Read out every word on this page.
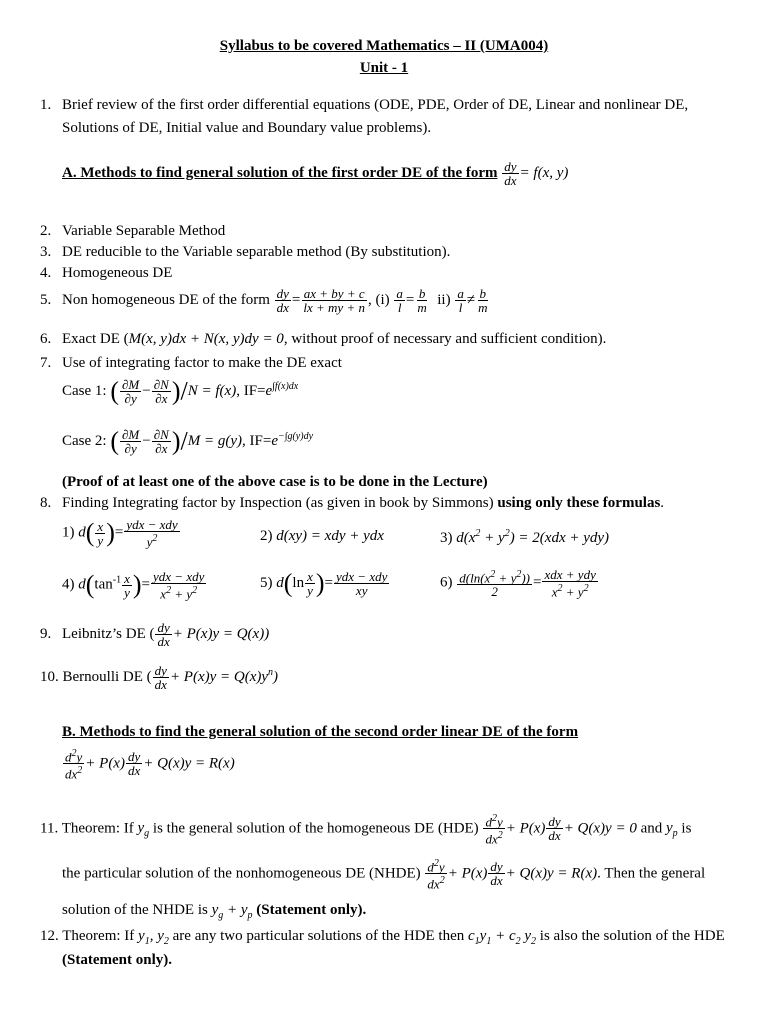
Syllabus to be covered Mathematics – II (UMA004)
Unit - 1
1. Brief review of the first order differential equations (ODE, PDE, Order of DE, Linear and nonlinear DE,
Solutions of DE, Initial value and Boundary value problems).
A. Methods to find general solution of the first order DE of the form $\frac{dy}{dx} = f(x$, y)
2. Variable Separable Method
3. DE reducible to the Variable separable method (By substitution).
4. Homogeneous DE
5. Non homogeneous DE of the form $\frac{dy}{dx} = \frac{ax + by + c}{lx + my + n}$ , $(i) \frac{a}{l} = \frac{b}{m} ii) \frac{a}{l} \ne \frac{b}{m}$
6. Exact DE (M(x, y)dx + N(x, y)dy = 0, without proof of necessary and sufficient condition).
7. Use of integrating factor to make the DE exact
Case 1: ( $\frac{\partial M}{\partial y} - \frac{\partial N}{\partial x} )/N = f(x)$, $IF=e^{\int f(x)dx}$
Case 2: ( $\frac{\partial M}{\partial y} - \frac{\partial N}{\partial x} )/M = g(y)$, $IF=e^{-\int g(y)dy}$
(Proof of at least one of the above case is to be done in the Lecture)
8. Finding Integrating factor by Inspection (as given in book by Simmons) using only these formulas.
1) $d( \frac{x}{y}$ )= $\frac{\text{ydx − xdy}}{y^2}$	2) d(xy) = xdy + ydx	3) $d(x^2 + y^2) = 2(xdx + ydy)$
4) $d(\tan^{-1} \frac{x}{y}$ )= $\frac{\text{ydx − xdy}}{x^2 + y^2}$	5) $d(\ln \frac{x}{y}$ )= $\frac{\text{ydx − xdy}}{xy}$	$6) \frac{d(\ln(x^2 + y^2))}{2} = \frac{\text{xdx + ydy}}{x^2 + y^2}$
9. Leibnitz’s DE ( $\frac{dy}{dx} + P(x)y = Q(x)$)
10. Bernoulli DE ( $\frac{dy}{dx} + P(x)y = Q(x)y^n$)
B. Methods to find the general solution of the second order linear DE of the form
$\frac{d^2y}{dx^2} + P(x) \frac{dy}{dx} + Q(x)y = R(x)$
11. Theorem: If $y_g$ is the general solution of the homogeneous DE $(HDE) \frac{d^2y}{dx^2} + P(x) \frac{dy}{dx} + Q(x)y = 0$ and $y_p$ is
the particular solution of the nonhomogeneous DE (NHDE) $\frac{d^2y}{dx^2} + P(x) \frac{dy}{dx} + Q(x)y = R(x)$. Then the general
solution of the NHDE is $y_g + y_p$ (Statement only).
12. Theorem: If $y_1$, $y_2$ are any two particular solutions of the HDE then $c_1y_1 + c_2$ $y_2$ is also the solution of the HDE
(Statement only).
